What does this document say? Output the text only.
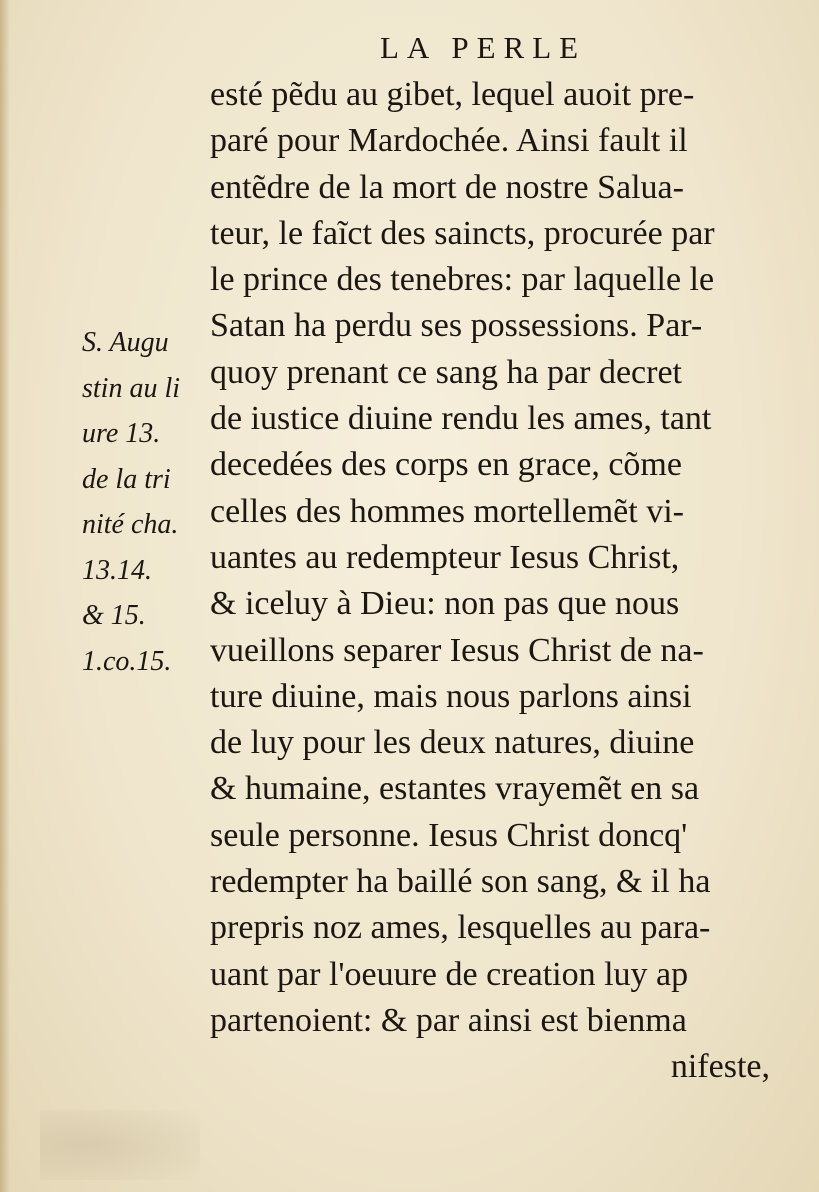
LA PERLE
esté pẽdu au gibet, lequel auoit pre-
paré pour Mardochée. Ainsi fault il
entẽdre de la mort de nostre Salua-
teur, le faĩct des saincts, procurée par
le prince des tenebres: par laquelle le
Satan ha perdu ses possessions. Par-
quoy prenant ce sang ha par decret
de iustice diuine rendu les ames, tant
decedées des corps en grace, cõme
celles des hommes mortellemẽt vi-
uantes au redempteur Iesus Christ,
& iceluy à Dieu: non pas que nous
vueillons separer Iesus Christ de na-
ture diuine, mais nous parlons ainsi
de luy pour les deux natures, diuine
& humaine, estantes vrayemẽt en sa
seule personne. Iesus Christ doncq'
redempter ha baillé son sang, & il ha
prepris noz ames, lesquelles au para-
uant par l'oeuure de creation luy ap
partenoient: & par ainsi est bienma
nifeste,
S. Augu
stin au li
ure 13.
de la tri
nité cha.
13.14.
& 15.
1.co.15.
